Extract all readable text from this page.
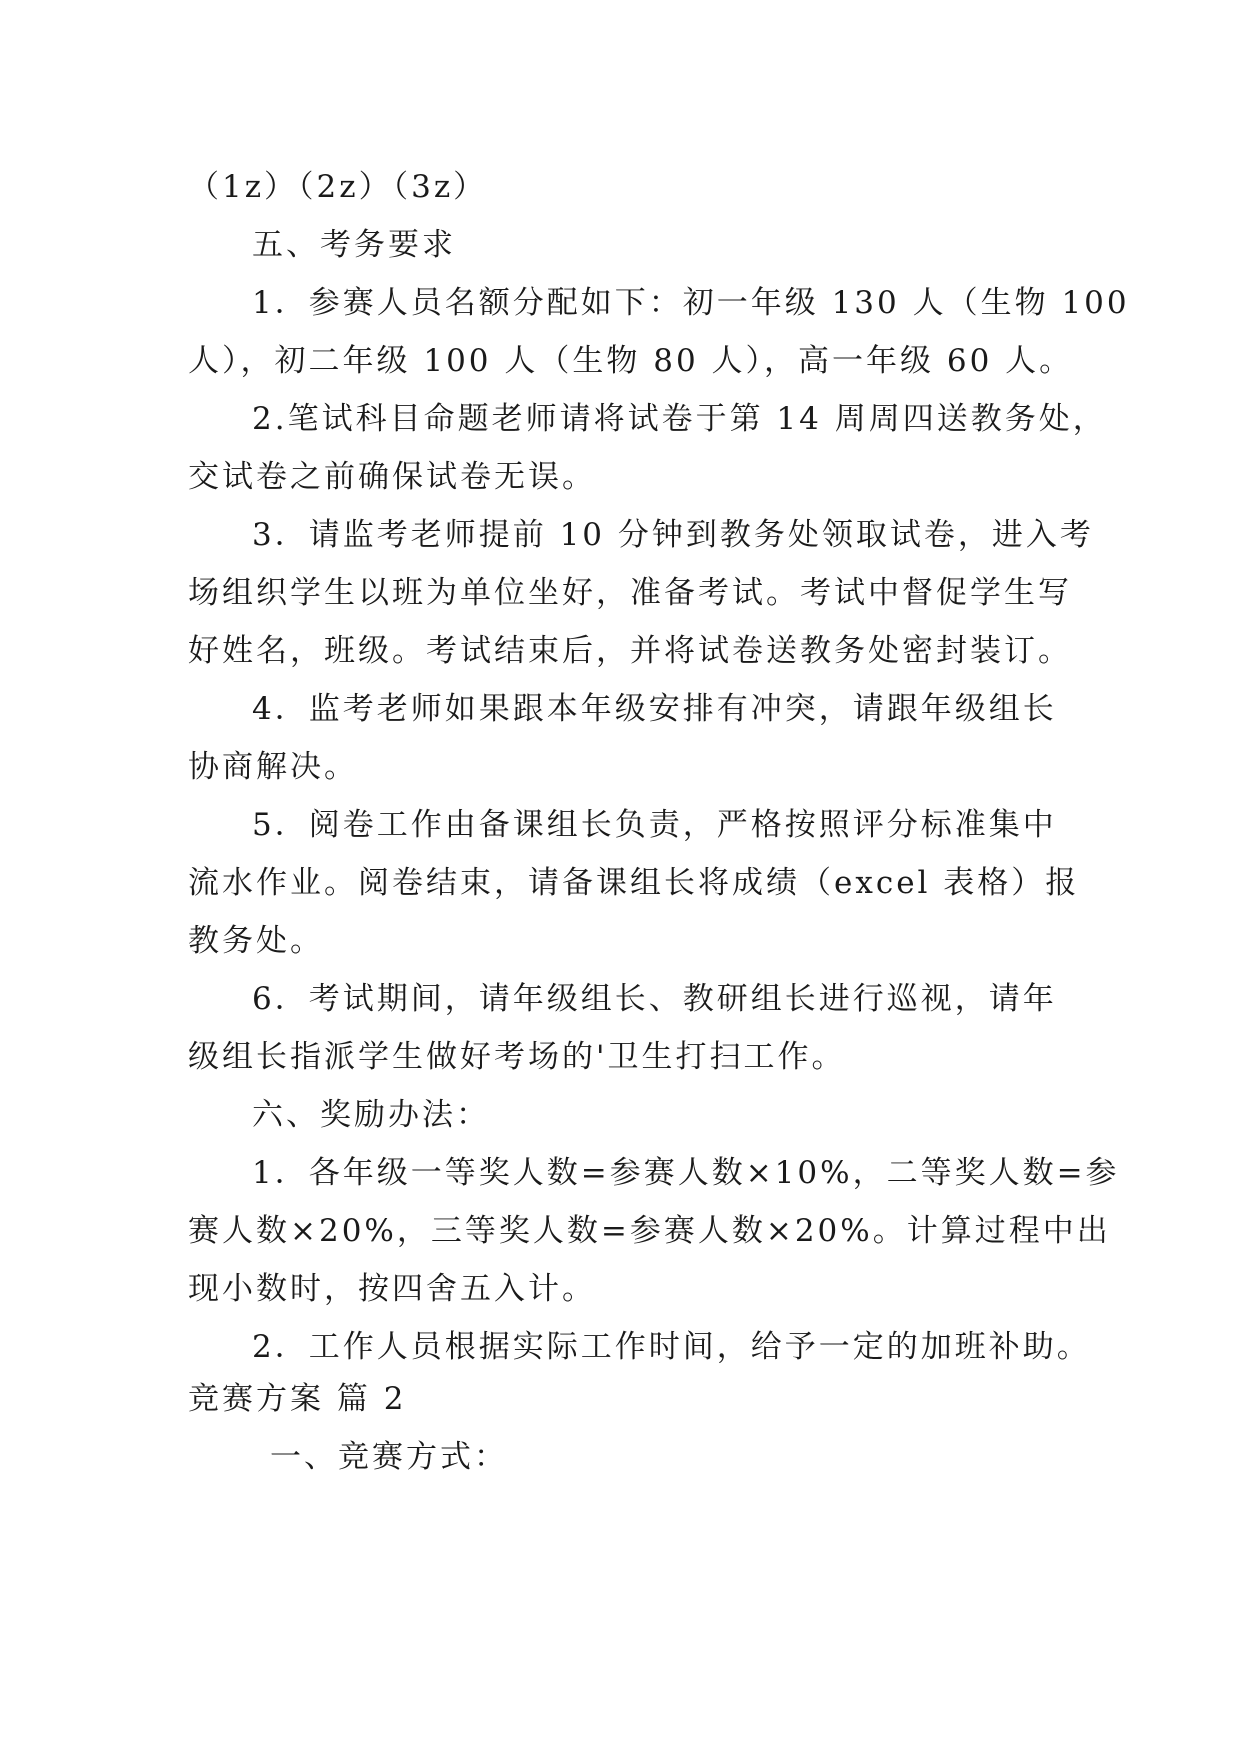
（1z）（2z）（3z）
五、考务要求
1．参赛人员名额分配如下：初一年级 130 人（生物 100
人），初二年级 100 人（生物 80 人），高一年级 60 人。
2.笔试科目命题老师请将试卷于第 14 周周四送教务处，
交试卷之前确保试卷无误。
3．请监考老师提前 10 分钟到教务处领取试卷，进入考
场组织学生以班为单位坐好，准备考试。考试中督促学生写
好姓名，班级。考试结束后，并将试卷送教务处密封装订。
4．监考老师如果跟本年级安排有冲突，请跟年级组长
协商解决。
5．阅卷工作由备课组长负责，严格按照评分标准集中
流水作业。阅卷结束，请备课组长将成绩（excel 表格）报
教务处。
6．考试期间，请年级组长、教研组长进行巡视，请年
级组长指派学生做好考场的'卫生打扫工作。
六、奖励办法：
1．各年级一等奖人数=参赛人数×10%，二等奖人数=参
赛人数×20%，三等奖人数=参赛人数×20%。计算过程中出
现小数时，按四舍五入计。
2．工作人员根据实际工作时间，给予一定的加班补助。
竞赛方案 篇 2
一、竞赛方式：
